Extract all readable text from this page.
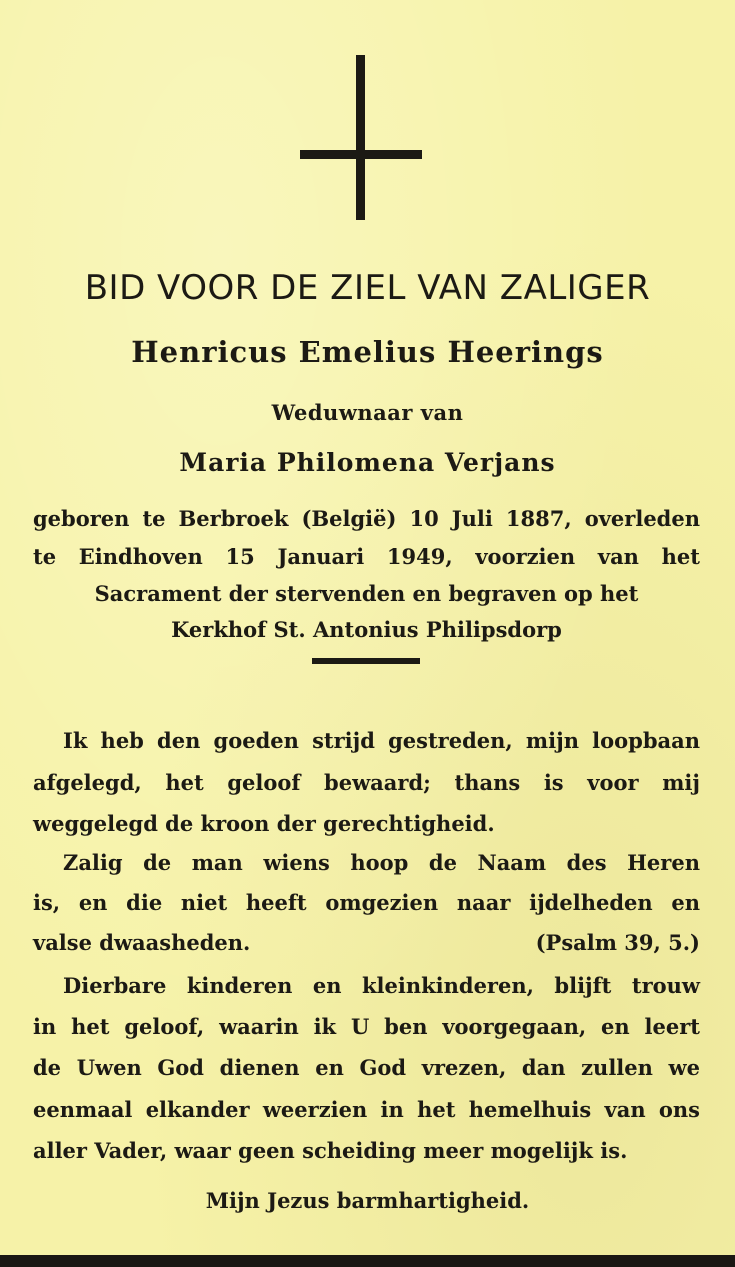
BID VOOR DE ZIEL VAN ZALIGER
Henricus Emelius Heerings
Weduwnaar van
Maria Philomena Verjans
geboren te Berbroek (België) 10 Juli 1887, overleden
te Eindhoven 15 Januari 1949, voorzien van het
Sacrament der stervenden en begraven op het
Kerkhof St. Antonius Philipsdorp
Ik heb den goeden strijd gestreden, mijn loopbaan
afgelegd, het geloof bewaard; thans is voor mij
weggelegd de kroon der gerechtigheid.
Zalig de man wiens hoop de Naam des Heren
is, en die niet heeft omgezien naar ijdelheden en
valse dwaasheden.	(Psalm 39, 5.)
Dierbare kinderen en kleinkinderen, blijft trouw
in het geloof, waarin ik U ben voorgegaan, en leert
de Uwen God dienen en God vrezen, dan zullen we
eenmaal elkander weerzien in het hemelhuis van ons
aller Vader, waar geen scheiding meer mogelijk is.
Mijn Jezus barmhartigheid.
